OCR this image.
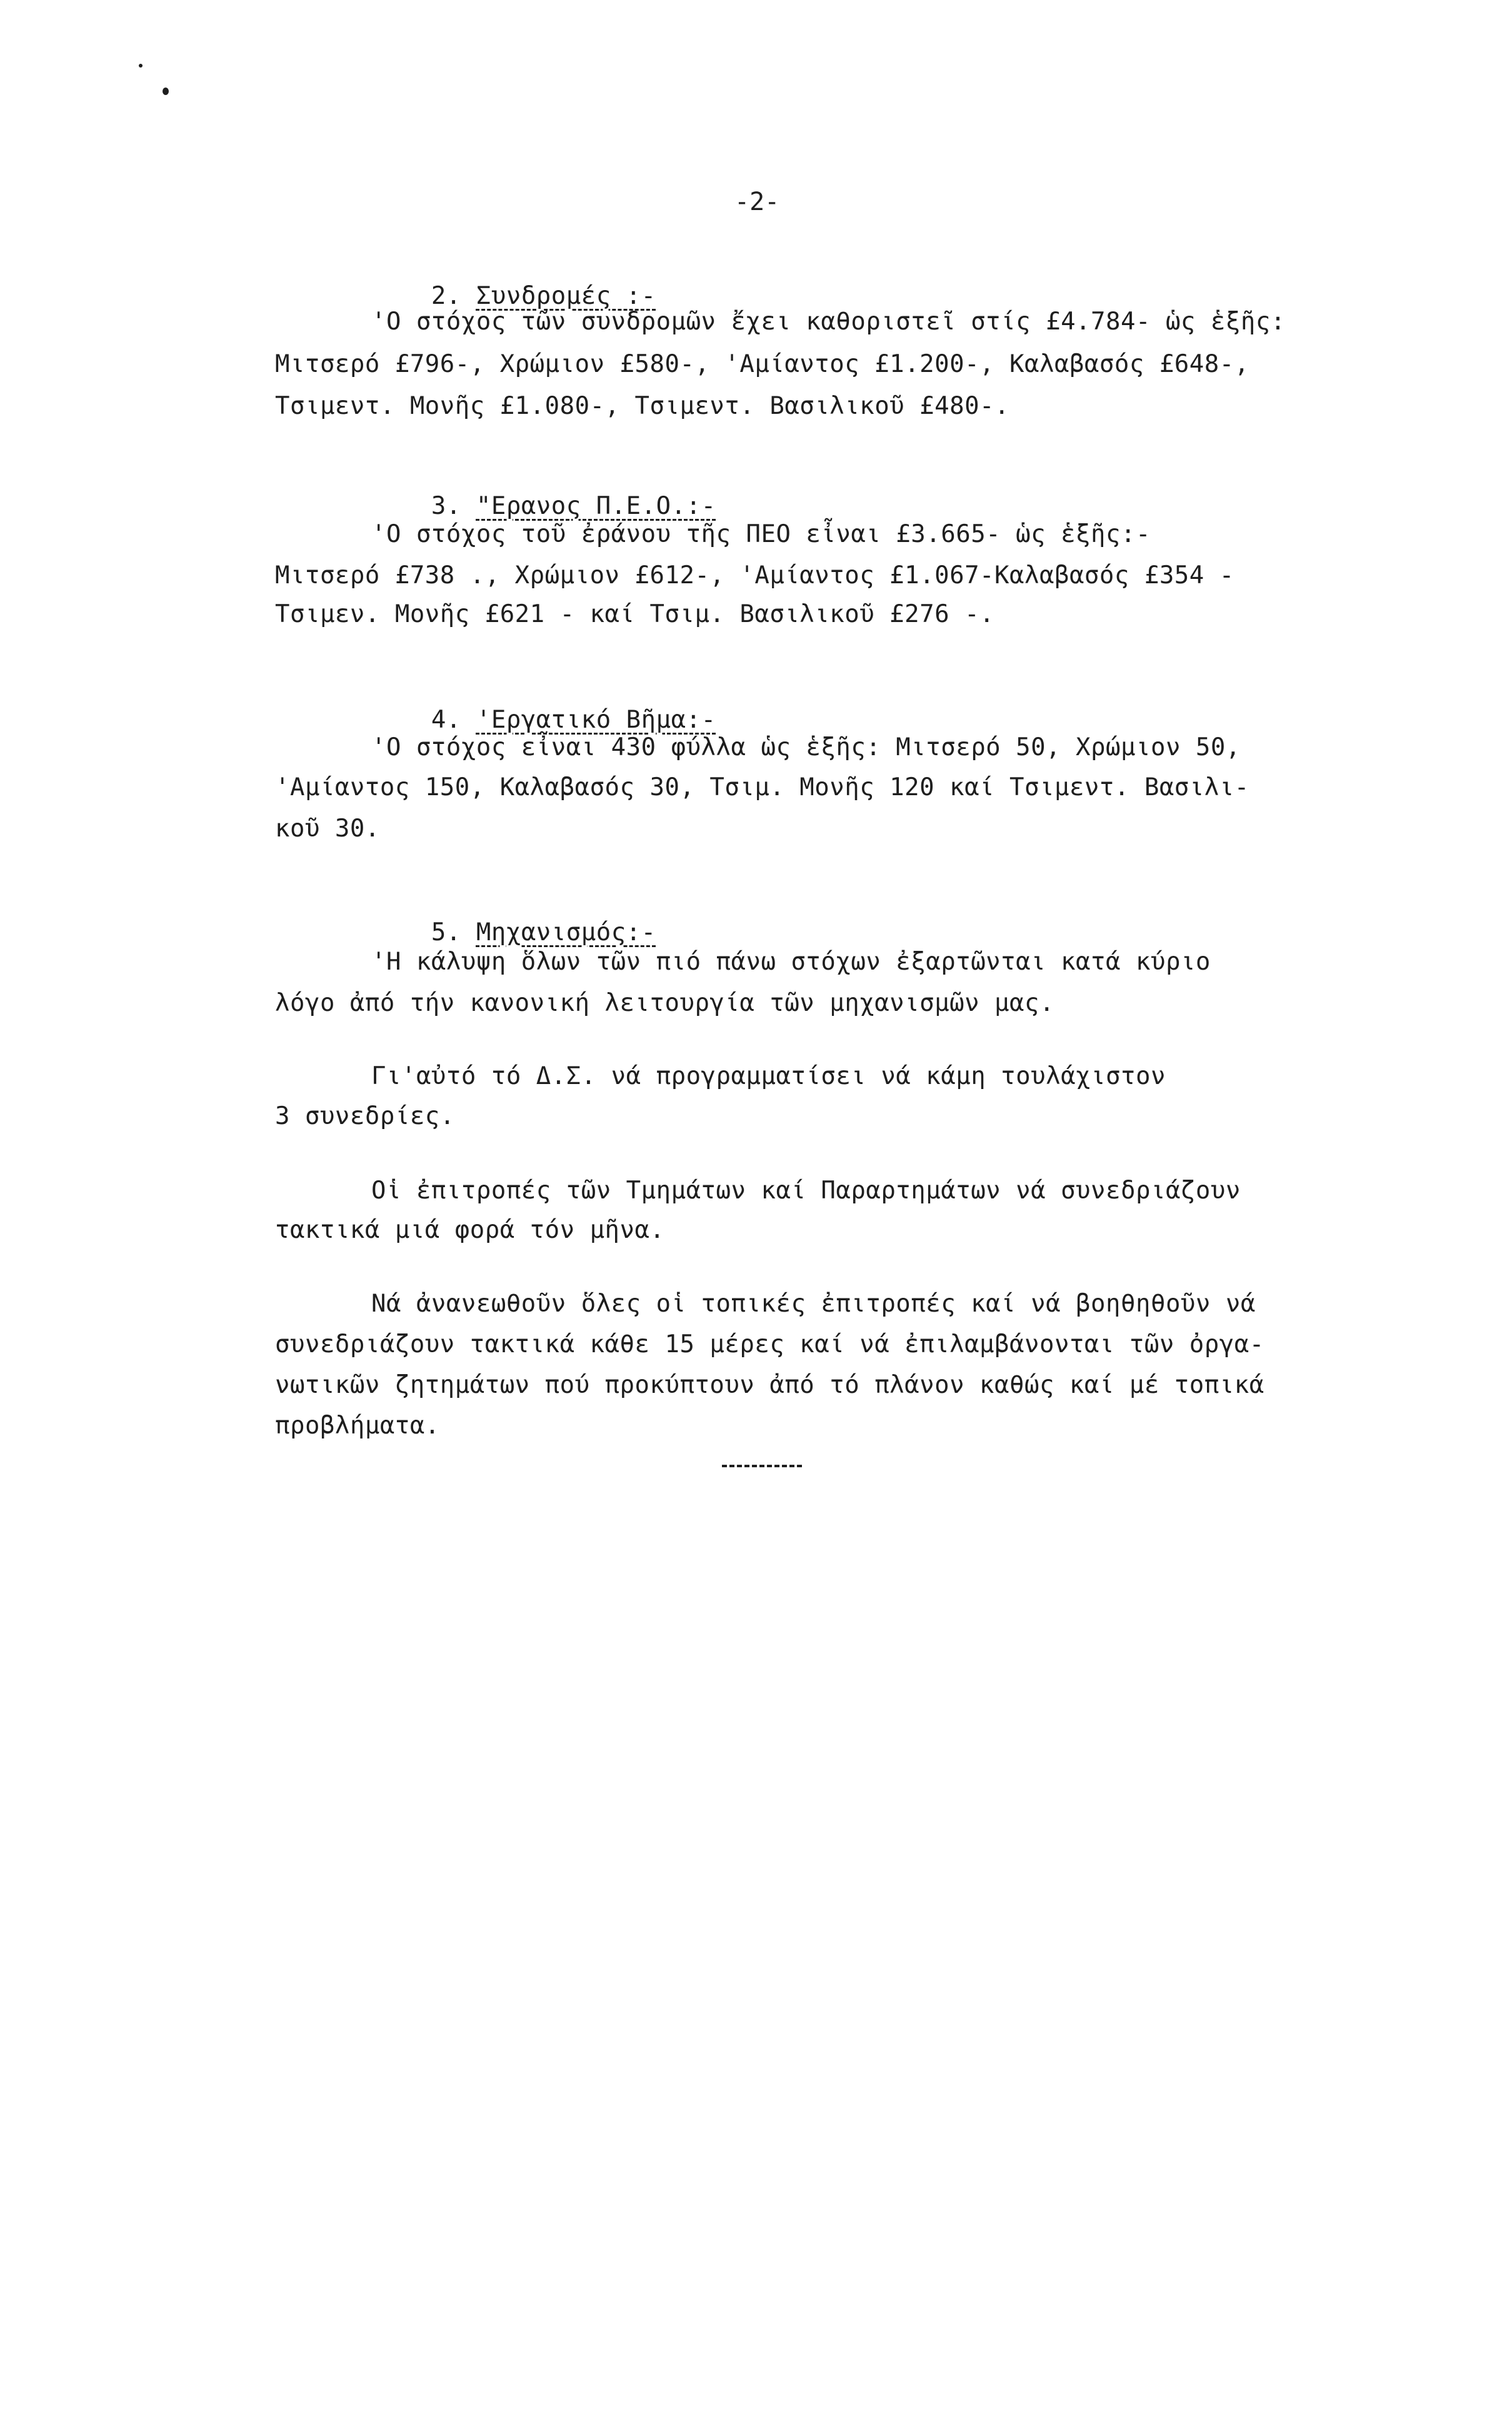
-2-

2. Συνδρομές :-

'Ο στόχος τῶν συνδρομῶν ἔχει καθοριστεῖ στίς £4.784- ὡς ἑξῆς:
Μιτσερό £796-, Χρώμιον £580-, 'Αμίαντος £1.200-, Καλαβασός £648-,
Τσιμεντ. Μονῆς £1.080-, Τσιμεντ. Βασιλικοῦ £480-.

3. "Ερανος Π.Ε.Ο.:-

'Ο στόχος τοῦ ἐράνου τῆς ΠΕΟ εἶναι £3.665- ὡς ἑξῆς:-
Μιτσερό £738 ., Χρώμιον £612-, 'Αμίαντος £1.067-Καλαβασός £354 -
Τσιμεν. Μονῆς £621 - καί Τσιμ. Βασιλικοῦ £276 -.

4. 'Εργατικό Βῆμα:-

'Ο στόχος εἶναι 430 φύλλα ὡς ἑξῆς: Μιτσερό 50, Χρώμιον 50,
'Αμίαντος 150, Καλαβασός 30, Τσιμ. Μονῆς 120 καί Τσιμεντ. Βασιλι-
κοῦ 30.

5. Μηχανισμός:-

'Η κάλυψη ὅλων τῶν πιό πάνω στόχων ἐξαρτῶνται κατά κύριο
λόγο ἀπό τήν κανονική λειτουργία τῶν μηχανισμῶν μας.
Γι'αὐτό τό Δ.Σ. νά προγραμματίσει νά κάμη τουλάχιστον
3 συνεδρίες.
Οἱ ἐπιτροπές τῶν Τμημάτων καί Παραρτημάτων νά συνεδριάζουν
τακτικά μιά φορά τόν μῆνα.
Νά ἀνανεωθοῦν ὅλες οἱ τοπικές ἐπιτροπές καί νά βοηθηθοῦν νά
συνεδριάζουν τακτικά κάθε 15 μέρες καί νά ἐπιλαμβάνονται τῶν ὀργα-
νωτικῶν ζητημάτων πού προκύπτουν ἀπό τό πλάνον καθώς καί μέ τοπικά
προβλήματα.
